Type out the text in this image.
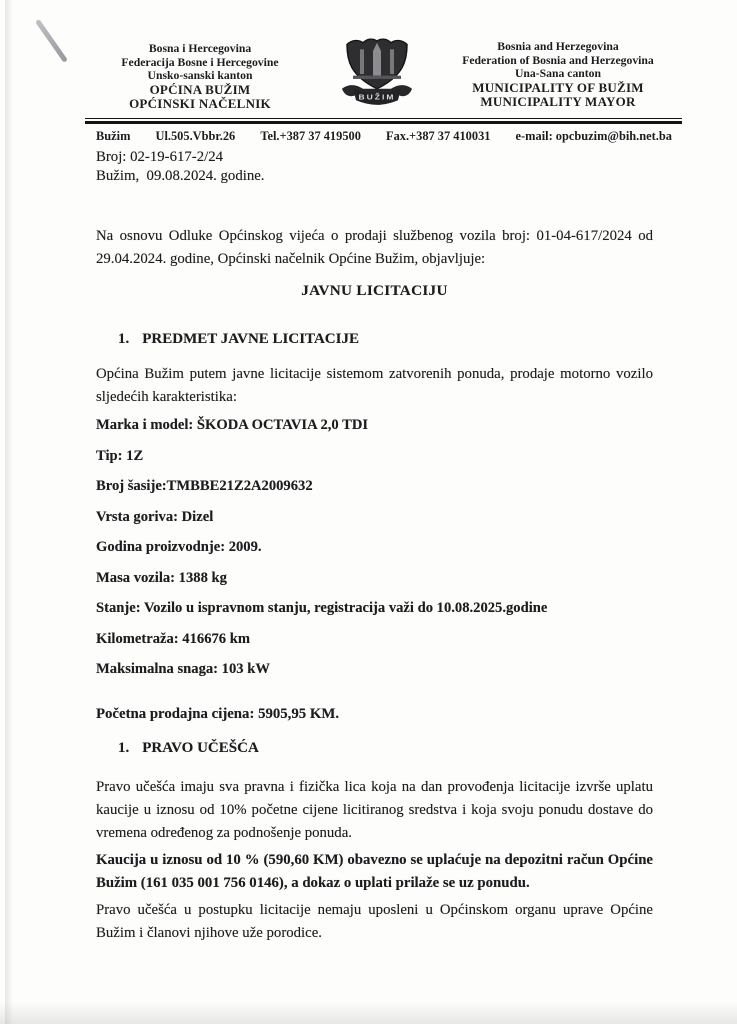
Bosna i Hercegovina
Federacija Bosne i Hercegovine
Unsko-sanski kanton
OPĆINA BUŽIM
OPĆINSKI NAČELNIK	BUŽIM
Bosnia and Herzegovina
Federation of Bosnia and Herzegovina
Una-Sana canton
MUNICIPALITY OF BUŽIM
MUNICIPALITY MAYOR
Bužim Ul.505.Vbbr.26 Tel.+387 37 419500 Fax.+387 37 410031 e-mail: opcbuzim@bih.net.ba
Broj: 02-19-617-2/24
Bužim,  09.08.2024. godine.
Na osnovu Odluke Općinskog vijeća o prodaji službenog vozila broj: 01-04-617/2024 od 29.04.2024. godine, Općinski načelnik Općine Bužim, objavljuje:
JAVNU LICITACIJU
1. PREDMET JAVNE LICITACIJE
Općina Bužim putem javne licitacije sistemom zatvorenih ponuda, prodaje motorno vozilo sljedećih karakteristika:
Marka i model: ŠKODA OCTAVIA 2,0 TDI
Tip: 1Z
Broj šasije:TMBBE21Z2A2009632
Vrsta goriva: Dizel
Godina proizvodnje: 2009.
Masa vozila: 1388 kg
Stanje: Vozilo u ispravnom stanju, registracija važi do 10.08.2025.godine
Kilometraža: 416676 km
Maksimalna snaga: 103 kW
Početna prodajna cijena: 5905,95 KM.
1. PRAVO UČEŠĆA
Pravo učešća imaju sva pravna i fizička lica koja na dan provođenja licitacije izvrše uplatu kaucije u iznosu od 10% početne cijene licitiranog sredstva i koja svoju ponudu dostave do vremena određenog za podnošenje ponuda.
Kaucija u iznosu od 10 % (590,60 KM) obavezno se uplaćuje na depozitni račun Općine Bužim (161 035 001 756 0146), a dokaz o uplati prilaže se uz ponudu.
Pravo učešća u postupku licitacije nemaju uposleni u Općinskom organu uprave Općine Bužim i članovi njihove uže porodice.
